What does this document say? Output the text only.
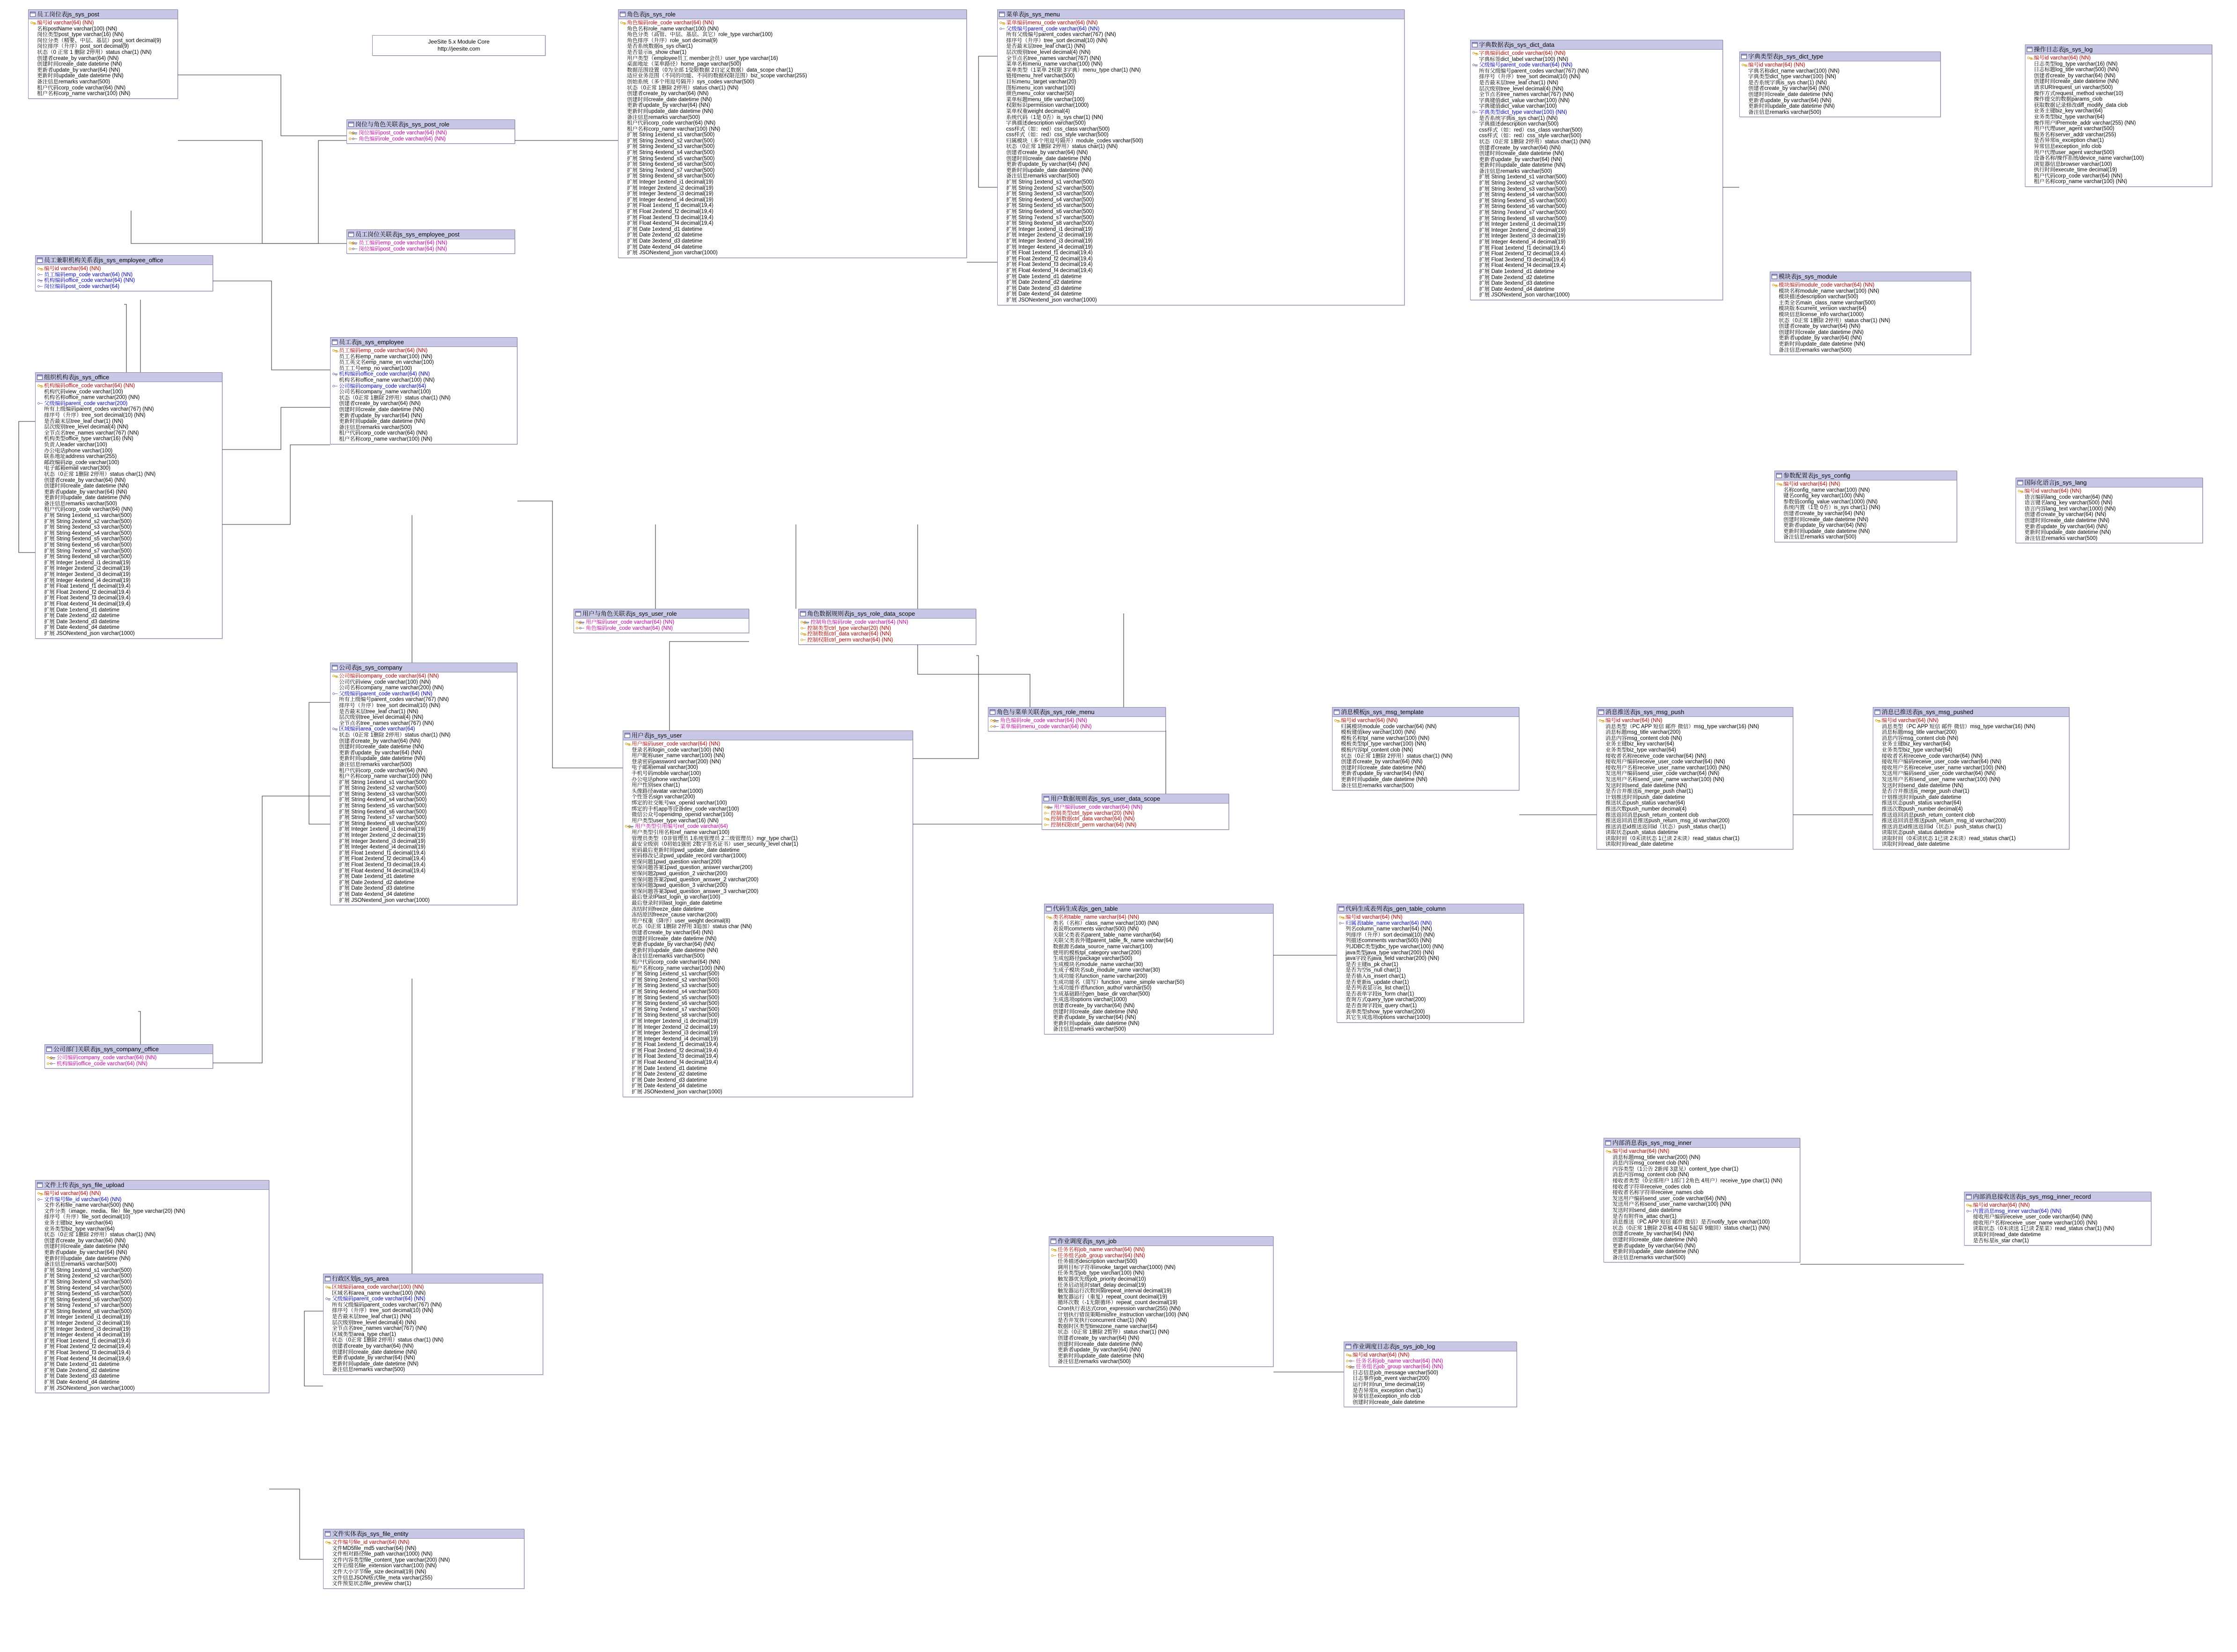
JeeSite 5.x Module Core
http://jeesite.com
员工岗位表js_sys_post
编号id varchar(64) (NN)
名称postName varchar(100) (NN)
岗位类型post_type varchar(16) (NN)
岗位分类（精要、中层、基层）post_sort decimal(9)
岗位排序（升序）post_sort decimal(9)
状态（0 正常 1 删除 2停用）status char(1) (NN)
创建者create_by varchar(64) (NN)
创建时间create_date datetime (NN)
更新者update_by varchar(64) (NN)
更新时间update_date datetime (NN)
备注信息remarks varchar(500)
租户代码corp_code varchar(64) (NN)
租户名称corp_name varchar(100) (NN)
岗位与角色关联表js_sys_post_role
岗位编码post_code varchar(64) (NN)
角色编码role_code varchar(64) (NN)
员工岗位关联表js_sys_employee_post
员工编码emp_code varchar(64) (NN)
岗位编码post_code varchar(64) (NN)
员工兼职机构关系表js_sys_employee_office
编号id varchar(64) (NN)
员工编码emp_code varchar(64) (NN)
机构编码office_code varchar(64) (NN)
岗位编码post_code varchar(64)
员工表js_sys_employee
员工编码emp_code varchar(64) (NN)
员工名称emp_name varchar(100) (NN)
员工英文名emp_name_en varchar(100)
员工工号emp_no varchar(100)
机构编码office_code varchar(64) (NN)
机构名称office_name varchar(100) (NN)
公司编码company_code varchar(64)
公司名称company_name varchar(100)
状态（0正常 1删除 2停用）status char(1) (NN)
创建者create_by varchar(64) (NN)
创建时间create_date datetime (NN)
更新者update_by varchar(64) (NN)
更新时间update_date datetime (NN)
备注信息remarks varchar(500)
租户代码corp_code varchar(64) (NN)
租户名称corp_name varchar(100) (NN)
组织机构表js_sys_office
机构编码office_code varchar(64) (NN)
机构代码view_code varchar(100)
机构名称office_name varchar(200) (NN)
父级编码parent_code varchar(200)
所有上级编码parent_codes varchar(767) (NN)
排序号（升序）tree_sort decimal(10) (NN)
是否最末层tree_leaf char(1) (NN)
层次级别tree_level decimal(4) (NN)
全节点名tree_names varchar(767) (NN)
机构类型office_type varchar(16) (NN)
负责人leader varchar(100)
办公电话phone varchar(100)
联系地址address varchar(255)
邮政编码zip_code varchar(100)
电子邮箱email varchar(300)
状态（0正常 1删除 2停用）status char(1) (NN)
创建者create_by varchar(64) (NN)
创建时间create_date datetime (NN)
更新者update_by varchar(64) (NN)
更新时间update_date datetime (NN)
备注信息remarks varchar(500)
租户代码corp_code varchar(64) (NN)
扩展 String 1extend_s1 varchar(500)
扩展 String 2extend_s2 varchar(500)
扩展 String 3extend_s3 varchar(500)
扩展 String 4extend_s4 varchar(500)
扩展 String 5extend_s5 varchar(500)
扩展 String 6extend_s6 varchar(500)
扩展 String 7extend_s7 varchar(500)
扩展 String 8extend_s8 varchar(500)
扩展 Integer 1extend_i1 decimal(19)
扩展 Integer 2extend_i2 decimal(19)
扩展 Integer 3extend_i3 decimal(19)
扩展 Integer 4extend_i4 decimal(19)
扩展 Float 1extend_f1 decimal(19,4)
扩展 Float 2extend_f2 decimal(19,4)
扩展 Float 3extend_f3 decimal(19,4)
扩展 Float 4extend_f4 decimal(19,4)
扩展 Date 1extend_d1 datetime
扩展 Date 2extend_d2 datetime
扩展 Date 3extend_d3 datetime
扩展 Date 4extend_d4 datetime
扩展 JSONextend_json varchar(1000)
公司表js_sys_company
公司编码company_code varchar(64) (NN)
公司代码view_code varchar(100) (NN)
公司名称company_name varchar(200) (NN)
父级编码parent_code varchar(64) (NN)
所有上级编号parent_codes varchar(767) (NN)
排序号（升序）tree_sort decimal(10) (NN)
是否最末层tree_leaf char(1) (NN)
层次级别tree_level decimal(4) (NN)
全节点名tree_names varchar(767) (NN)
区域编码area_code varchar(64)
状态（0正常 1删除 2停用）status char(1) (NN)
创建者create_by varchar(64) (NN)
创建时间create_date datetime (NN)
更新者update_by varchar(64) (NN)
更新时间update_date datetime (NN)
备注信息remarks varchar(500)
租户代码corp_code varchar(64) (NN)
租户名称corp_name varchar(100) (NN)
扩展 String 1extend_s1 varchar(500)
扩展 String 2extend_s2 varchar(500)
扩展 String 3extend_s3 varchar(500)
扩展 String 4extend_s4 varchar(500)
扩展 String 5extend_s5 varchar(500)
扩展 String 6extend_s6 varchar(500)
扩展 String 7extend_s7 varchar(500)
扩展 String 8extend_s8 varchar(500)
扩展 Integer 1extend_i1 decimal(19)
扩展 Integer 2extend_i2 decimal(19)
扩展 Integer 3extend_i3 decimal(19)
扩展 Integer 4extend_i4 decimal(19)
扩展 Float 1extend_f1 decimal(19,4)
扩展 Float 2extend_f2 decimal(19,4)
扩展 Float 3extend_f3 decimal(19,4)
扩展 Float 4extend_f4 decimal(19,4)
扩展 Date 1extend_d1 datetime
扩展 Date 2extend_d2 datetime
扩展 Date 3extend_d3 datetime
扩展 Date 4extend_d4 datetime
扩展 JSONextend_json varchar(1000)
公司部门关联表js_sys_company_office
公司编码company_code varchar(64) (NN)
机构编码office_code varchar(64) (NN)
文件上传表js_sys_file_upload
编号id varchar(64) (NN)
文件编号file_id varchar(64) (NN)
文件名称file_name varchar(500) (NN)
文件分类（image、media、file）file_type varchar(20) (NN)
排序号（升序）file_sort decimal(10)
业务主键biz_key varchar(64)
业务类型biz_type varchar(64)
状态（0正常 1删除 2停用）status char(1) (NN)
创建者create_by varchar(64) (NN)
创建时间create_date datetime (NN)
更新者update_by varchar(64) (NN)
更新时间update_date datetime (NN)
备注信息remarks varchar(500)
扩展 String 1extend_s1 varchar(500)
扩展 String 2extend_s2 varchar(500)
扩展 String 3extend_s3 varchar(500)
扩展 String 4extend_s4 varchar(500)
扩展 String 5extend_s5 varchar(500)
扩展 String 6extend_s6 varchar(500)
扩展 String 7extend_s7 varchar(500)
扩展 String 8extend_s8 varchar(500)
扩展 Integer 1extend_i1 decimal(19)
扩展 Integer 2extend_i2 decimal(19)
扩展 Integer 3extend_i3 decimal(19)
扩展 Integer 4extend_i4 decimal(19)
扩展 Float 1extend_f1 decimal(19,4)
扩展 Float 2extend_f2 decimal(19,4)
扩展 Float 3extend_f3 decimal(19,4)
扩展 Float 4extend_f4 decimal(19,4)
扩展 Date 1extend_d1 datetime
扩展 Date 2extend_d2 datetime
扩展 Date 3extend_d3 datetime
扩展 Date 4extend_d4 datetime
扩展 JSONextend_json varchar(1000)
文件实体表js_sys_file_entity
文件编号file_id varchar(64) (NN)
文件MD5file_md5 varchar(64) (NN)
文件相对路径file_path varchar(1000) (NN)
文件内容类型file_content_type varchar(200) (NN)
文件后缀名file_extension varchar(100) (NN)
文件大小字节file_size decimal(19) (NN)
文件信息JSON格式file_meta varchar(255)
文件预览状态file_preview char(1)
行政区划js_sys_area
区域编码area_code varchar(100) (NN)
区域名称area_name varchar(100) (NN)
父级编码parent_code varchar(64) (NN)
所有父级编码parent_codes varchar(767) (NN)
排序号（升序）tree_sort decimal(10) (NN)
是否最末层tree_leaf char(1) (NN)
层次级别tree_level decimal(4) (NN)
全节点名tree_names varchar(767) (NN)
区域类型area_type char(1)
状态（0正常 1删除 2停用）status char(1) (NN)
创建者create_by varchar(64) (NN)
创建时间create_date datetime (NN)
更新者update_by varchar(64) (NN)
更新时间update_date datetime (NN)
备注信息remarks varchar(500)
角色表js_sys_role
角色编码role_code varchar(64) (NN)
角色名称role_name varchar(100) (NN)
角色分类（高管、中层、基层、其它）role_type varchar(100)
角色排序（升序）role_sort decimal(9)
是否系统数据is_sys char(1)
是否显示is_show char(1)
用户类型（employee员工 member会员）user_type varchar(16)
桌面地址（菜单路径）home_page varchar(500)
数据范围设置（0为全部 1受限数据 2自定义数据）data_scope char(1)
适应业务范围（不同的功能、不同的数据权限范围）biz_scope varchar(255)
创始系统（多个用逗号隔开）sys_codes varchar(500)
状态（0正常 1删除 2停用）status char(1) (NN)
创建者create_by varchar(64) (NN)
创建时间create_date datetime (NN)
更新者update_by varchar(64) (NN)
更新时间update_date datetime (NN)
备注信息remarks varchar(500)
租户代码corp_code varchar(64) (NN)
租户名称corp_name varchar(100) (NN)
扩展 String 1extend_s1 varchar(500)
扩展 String 2extend_s2 varchar(500)
扩展 String 3extend_s3 varchar(500)
扩展 String 4extend_s4 varchar(500)
扩展 String 5extend_s5 varchar(500)
扩展 String 6extend_s6 varchar(500)
扩展 String 7extend_s7 varchar(500)
扩展 String 8extend_s8 varchar(500)
扩展 Integer 1extend_i1 decimal(19)
扩展 Integer 2extend_i2 decimal(19)
扩展 Integer 3extend_i3 decimal(19)
扩展 Integer 4extend_i4 decimal(19)
扩展 Float 1extend_f1 decimal(19,4)
扩展 Float 2extend_f2 decimal(19,4)
扩展 Float 3extend_f3 decimal(19,4)
扩展 Float 4extend_f4 decimal(19,4)
扩展 Date 1extend_d1 datetime
扩展 Date 2extend_d2 datetime
扩展 Date 3extend_d3 datetime
扩展 Date 4extend_d4 datetime
扩展 JSONextend_json varchar(1000)
用户与角色关联表js_sys_user_role
用户编码user_code varchar(64) (NN)
角色编码role_code varchar(64) (NN)
角色数据规则表js_sys_role_data_scope
控制角色编码role_code varchar(64) (NN)
控制类型ctrl_type varchar(20) (NN)
控制数据ctrl_data varchar(64) (NN)
控制权限ctrl_perm varchar(64) (NN)
角色与菜单关联表js_sys_role_menu
角色编码role_code varchar(64) (NN)
菜单编码menu_code varchar(64) (NN)
用户数据规则表js_sys_user_data_scope
用户编码user_code varchar(64) (NN)
控制类型ctrl_type varchar(20) (NN)
控制数据ctrl_data varchar(64) (NN)
控制权限ctrl_perm varchar(64) (NN)
用户表js_sys_user
用户编码user_code varchar(64) (NN)
登录名称login_code varchar(100) (NN)
用户昵称user_name varchar(100) (NN)
登录密码password varchar(200) (NN)
电子邮箱email varchar(300)
手机号码mobile varchar(100)
办公电话phone varchar(100)
用户性别sex char(1)
头像路径avatar varchar(1000)
个性签名sign varchar(200)
绑定的社交帐号wx_openid varchar(100)
绑定的手机app等设备dev_code varchar(100)
微信公众号openidmp_openid varchar(100)
用户类型user_type varchar(16) (NN)
用户类型引用编号ref_code varchar(64)
用户类型引用名称ref_name varchar(100)
管理员类型（0非管理员 1系统管理员 2二级管理员）mgr_type char(1)
最安全级别（0初始1强密 2数字签名证书）user_security_level char(1)
密码最后更新时间pwd_update_date datetime
密码修改记录pwd_update_record varchar(1000)
密保问题1pwd_question varchar(200)
密保问题答案1pwd_question_answer varchar(200)
密保问题2pwd_question_2 varchar(200)
密保问题答案2pwd_question_answer_2 varchar(200)
密保问题3pwd_question_3 varchar(200)
密保问题答案3pwd_question_answer_3 varchar(200)
最后登录IPlast_login_ip varchar(100)
最后登录时间last_login_date datetime
冻结时间freeze_date datetime
冻结原因freeze_cause varchar(200)
用户权重（降序）user_weight decimal(8)
状态（0正常 1删除 2停用 3追加）status char (NN)
创建者create_by varchar(64) (NN)
创建时间create_date datetime (NN)
更新者update_by varchar(64) (NN)
更新时间update_date datetime (NN)
备注信息remarks varchar(500)
租户代码corp_code varchar(64) (NN)
租户名称corp_name varchar(100) (NN)
扩展 String 1extend_s1 varchar(500)
扩展 String 2extend_s2 varchar(500)
扩展 String 3extend_s3 varchar(500)
扩展 String 4extend_s4 varchar(500)
扩展 String 5extend_s5 varchar(500)
扩展 String 6extend_s6 varchar(500)
扩展 String 7extend_s7 varchar(500)
扩展 String 8extend_s8 varchar(500)
扩展 Integer 1extend_i1 decimal(19)
扩展 Integer 2extend_i2 decimal(19)
扩展 Integer 3extend_i3 decimal(19)
扩展 Integer 4extend_i4 decimal(19)
扩展 Float 1extend_f1 decimal(19,4)
扩展 Float 2extend_f2 decimal(19,4)
扩展 Float 3extend_f3 decimal(19,4)
扩展 Float 4extend_f4 decimal(19,4)
扩展 Date 1extend_d1 datetime
扩展 Date 2extend_d2 datetime
扩展 Date 3extend_d3 datetime
扩展 Date 4extend_d4 datetime
扩展 JSONextend_json varchar(1000)
菜单表js_sys_menu
菜单编码menu_code varchar(64) (NN)
父级编号parent_code varchar(64) (NN)
所有父级编号parent_codes varchar(767) (NN)
排序号（升序）tree_sort decimal(10) (NN)
是否最末层tree_leaf char(1) (NN)
层次级别tree_level decimal(4) (NN)
全节点名tree_names varchar(767) (NN)
菜单名称menu_name varchar(100) (NN)
菜单类型（1菜单 2权限 3字典）menu_type char(1) (NN)
链接menu_href varchar(500)
目标menu_target varchar(20)
图标menu_icon varchar(100)
颜色menu_color varchar(50)
菜单标题menu_title varchar(100)
权限标识permission varchar(1000)
菜单权重weight decimal(4)
系统代码（1是 0否）is_sys char(1) (NN)
字典描述description varchar(500)
css样式（如：red）css_class varchar(500)
css样式（如：red）css_style varchar(500)
归属模块（多个用逗号隔开）module_codes varchar(500)
状态（0正常 1删除 2停用）status char(1) (NN)
创建者create_by varchar(64) (NN)
创建时间create_date datetime (NN)
更新者update_by varchar(64) (NN)
更新时间update_date datetime (NN)
备注信息remarks varchar(500)
扩展 String 1extend_s1 varchar(500)
扩展 String 2extend_s2 varchar(500)
扩展 String 3extend_s3 varchar(500)
扩展 String 4extend_s4 varchar(500)
扩展 String 5extend_s5 varchar(500)
扩展 String 6extend_s6 varchar(500)
扩展 String 7extend_s7 varchar(500)
扩展 String 8extend_s8 varchar(500)
扩展 Integer 1extend_i1 decimal(19)
扩展 Integer 2extend_i2 decimal(19)
扩展 Integer 3extend_i3 decimal(19)
扩展 Integer 4extend_i4 decimal(19)
扩展 Float 1extend_f1 decimal(19,4)
扩展 Float 2extend_f2 decimal(19,4)
扩展 Float 3extend_f3 decimal(19,4)
扩展 Float 4extend_f4 decimal(19,4)
扩展 Date 1extend_d1 datetime
扩展 Date 2extend_d2 datetime
扩展 Date 3extend_d3 datetime
扩展 Date 4extend_d4 datetime
扩展 JSONextend_json varchar(1000)
字典数据表js_sys_dict_data
字典编码dict_code varchar(64) (NN)
字典标签dict_label varchar(100) (NN)
父级编号parent_code varchar(64) (NN)
所有父级编号parent_codes varchar(767) (NN)
排序号（升序）tree_sort decimal(10) (NN)
是否最末层tree_leaf char(1) (NN)
层次级别tree_level decimal(4) (NN)
全节点名tree_names varchar(767) (NN)
字典键值dict_value varchar(100) (NN)
字典键值dict_value varchar(100)
字典类型dict_type varchar(100) (NN)
是否系统字典is_sys char(1) (NN)
字典描述description varchar(500)
css样式（如：red）css_class varchar(500)
css样式（如：red）css_style varchar(500)
状态（0正常 1删除 2停用）status char(1) (NN)
创建者create_by varchar(64) (NN)
创建时间create_date datetime (NN)
更新者update_by varchar(64) (NN)
更新时间update_date datetime (NN)
备注信息remarks varchar(500)
扩展 String 1extend_s1 varchar(500)
扩展 String 2extend_s2 varchar(500)
扩展 String 3extend_s3 varchar(500)
扩展 String 4extend_s4 varchar(500)
扩展 String 5extend_s5 varchar(500)
扩展 String 6extend_s6 varchar(500)
扩展 String 7extend_s7 varchar(500)
扩展 String 8extend_s8 varchar(500)
扩展 Integer 1extend_i1 decimal(19)
扩展 Integer 2extend_i2 decimal(19)
扩展 Integer 3extend_i3 decimal(19)
扩展 Integer 4extend_i4 decimal(19)
扩展 Float 1extend_f1 decimal(19,4)
扩展 Float 2extend_f2 decimal(19,4)
扩展 Float 3extend_f3 decimal(19,4)
扩展 Float 4extend_f4 decimal(19,4)
扩展 Date 1extend_d1 datetime
扩展 Date 2extend_d2 datetime
扩展 Date 3extend_d3 datetime
扩展 Date 4extend_d4 datetime
扩展 JSONextend_json varchar(1000)
字典类型表js_sys_dict_type
编号id varchar(64) (NN)
字典名称dict_name varchar(100) (NN)
字典类型dict_type varchar(100) (NN)
是否系统字典is_sys char(1) (NN)
创建者create_by varchar(64) (NN)
创建时间create_date datetime (NN)
更新者update_by varchar(64) (NN)
更新时间update_date datetime (NN)
备注信息remarks varchar(500)
模块表js_sys_module
模块编码module_code varchar(64) (NN)
模块名称module_name varchar(100) (NN)
模块描述description varchar(500)
主类全名main_class_name varchar(500)
模块版本current_version varchar(64)
模块信息license_info varchar(1000)
状态（0正常 1删除 2停用）status char(1) (NN)
创建者create_by varchar(64) (NN)
创建时间create_date datetime (NN)
更新者update_by varchar(64) (NN)
更新时间update_date datetime (NN)
备注信息remarks varchar(500)
操作日志表js_sys_log
编号id varchar(64) (NN)
日志类型log_type varchar(16) (NN)
日志标题log_title varchar(500) (NN)
创建者create_by varchar(64) (NN)
创建时间create_date datetime (NN)
请求URIrequest_uri varchar(500)
操作方式request_method varchar(10)
操作提交的数据params_ciob
获取数据记录修改diff_modify_data clob
业务主键biz_key varchar(64)
业务类型biz_type varchar(64)
操作用户IPremote_addr varchar(255) (NN)
用户代理user_agent varchar(500)
服务名称server_addr varchar(255)
是否异常is_exception char(1)
异常信息exception_info clob
用户代理user_agent varchar(500)
设备名称/操作系统/device_name varchar(100)
浏览器信息browser varchar(100)
执行时间execute_time decimal(19)
租户代码corp_code varchar(64) (NN)
租户名称corp_name varchar(100) (NN)
参数配置表js_sys_config
编号id varchar(64) (NN)
名称config_name varchar(100) (NN)
键名config_key varchar(100) (NN)
参数值config_value varchar(1000) (NN)
系统内置（1是 0否）is_sys char(1) (NN)
创建者create_by varchar(64) (NN)
创建时间create_date datetime (NN)
更新者update_by varchar(64) (NN)
更新时间update_date datetime (NN)
备注信息remarks varchar(500)
国际化语言js_sys_lang
编号id varchar(64) (NN)
语言编码lang_code varchar(64) (NN)
语言键名lang_key varchar(500) (NN)
语言内容lang_text varchar(1000) (NN)
创建者create_by varchar(64) (NN)
创建时间create_date datetime (NN)
更新者update_by varchar(64) (NN)
更新时间update_date datetime (NN)
备注信息remarks varchar(500)
消息模板js_sys_msg_template
编号id varchar(64) (NN)
归属模块module_code varchar(64) (NN)
模板键值key varchar(100) (NN)
模板名称tpl_name varchar(100) (NN)
模板类型tpl_type varchar(100) (NN)
模板内容tpl_content clob (NN)
状态（0正常 1删除 2停用）status char(1) (NN)
创建者create_by varchar(64) (NN)
创建时间create_date datetime (NN)
更新者update_by varchar(64) (NN)
更新时间update_date datetime (NN)
备注信息remarks varchar(500)
消息推送表js_sys_msg_push
编号id varchar(64) (NN)
消息类型（PC APP 短信 邮件 微信）msg_type varchar(16) (NN)
消息标题msg_title varchar(200)
消息内容msg_content clob (NN)
业务主键biz_key varchar(64)
业务类型biz_type varchar(64)
接收者名称receive_code varchar(64) (NN)
接收用户编码receive_user_code varchar(64) (NN)
接收用户名称receive_user_name varchar(100) (NN)
发送用户编码send_user_code varchar(64) (NN)
发送用户名称send_user_name varchar(100) (NN)
发送时间send_date datetime (NN)
是否合并推送is_merge_push char(1)
计划推送时间push_date datetime
推送状态push_status varchar(64)
推送次数push_number decimal(4)
推送返回消息push_return_content clob
推送返回消息推送push_return_msg_id varchar(200)
推送消息id推送返回id（状态）push_status char(1)
读取状态push_status datetime
读取时间（0未读状态 1已读 2未读）read_status char(1)
读取时间read_date datetime
消息已推送表js_sys_msg_pushed
编号id varchar(64) (NN)
消息类型（PC APP 短信 邮件 微信）msg_type varchar(16) (NN)
消息标题msg_title varchar(200)
消息内容msg_content clob (NN)
业务主键biz_key varchar(64)
业务类型biz_type varchar(64)
接收者名称receive_code varchar(64) (NN)
接收用户编码receive_user_code varchar(64) (NN)
接收用户名称receive_user_name varchar(100) (NN)
发送用户编码send_user_code varchar(64) (NN)
发送用户名称send_user_name varchar(100) (NN)
发送时间send_date datetime (NN)
是否合并推送is_merge_push char(1)
计划推送时间push_date datetime
推送状态push_status varchar(64)
推送次数push_number decimal(4)
推送返回消息push_return_content clob
推送返回消息推送push_return_msg_id varchar(200)
推送消息id推送返回id（状态）push_status char(1)
读取状态push_status datetime
读取时间（0未读状态 1已读 2未读）read_status char(1)
读取时间read_date datetime
内部消息表js_sys_msg_inner
编号id varchar(64) (NN)
消息标题msg_title varchar(200) (NN)
消息内容msg_content clob (NN)
内容类型（1公告 2新闻 3意见）content_type char(1)
消息内容msg_content clob (NN)
接收者类型（0全部用户 1部门 2角色 4用户）receive_type char(1) (NN)
接收者字符串receive_codes clob
接收者名称字符串receive_names clob
发送用户编码send_user_code varchar(64) (NN)
发送用户名称send_user_name varchar(100) (NN)
发送时间send_date datetime
是否有附件is_attac char(1)
消息推送（PC APP 短信 邮件 微信）是否notify_type varchar(100)
状态（0正常 1删除 2草稿 4草稿 5起草 9撤回）status char(1) (NN)
创建者create_by varchar(64) (NN)
创建时间create_date datetime (NN)
更新者update_by varchar(64) (NN)
更新时间update_date datetime (NN)
备注信息remarks varchar(500)
内部消息接收送表js_sys_msg_inner_record
编号id varchar(64) (NN)
内置消息msg_inner varchar(64) (NN)
接收用户编码receive_user_code varchar(64) (NN)
接收用户名称receive_user_name varchar(100) (NN)
读取状态（0未读送 1已读 2星菜）read_status char(1) (NN)
读取时间read_date datetime
是否标星is_star char(1)
代码生成表js_gen_table
类名称table_name varchar(64) (NN)
类名（名称）class_name varchar(100) (NN)
表说明comments varchar(500) (NN)
关联父类表名parent_table_name varchar(64)
关联父类表外键parent_table_fk_name varchar(64)
数据源名data_source_name varchar(100)
使用的模板tpl_category varchar(200)
生成包路径package varchar(500)
生成模块名module_name varchar(30)
生成子模块名sub_module_name varchar(30)
生成功能名function_name varchar(200)
生成功能名（简写）function_name_simple varchar(50)
生成功能作者function_author varchar(50)
生成基础路径gen_base_dir varchar(500)
生成选项options varchar(1000)
创建者create_by varchar(64) (NN)
创建时间create_date datetime (NN)
更新者update_by varchar(64) (NN)
更新时间update_date datetime (NN)
备注信息remarks varchar(500)
代码生成表列表js_gen_table_column
编号id varchar(64) (NN)
归属表table_name varchar(64) (NN)
列名column_name varchar(64) (NN)
列排序（升序）sort decimal(10) (NN)
列描述comments varchar(500) (NN)
列JDBC类型jdbc_type varchar(100) (NN)
java类型java_type varchar(200) (NN)
java字段名java_field varchar(200) (NN)
是否主键is_pk char(1)
是否为空is_null char(1)
是否插入is_insert char(1)
是否更新is_update char(1)
是否列表显示is_list char(1)
是否表单字段is_form char(1)
查询方式query_type varchar(200)
是否查询字段is_query char(1)
表单类型show_type varchar(200)
其它生成选项options varchar(1000)
作业调度表js_sys_job
任务名称job_name varchar(64) (NN)
任务组名job_group varchar(64) (NN)
任务描述description varchar(500)
调用目标字符串invoke_target varchar(1000) (NN)
任务类型job_type varchar(100) (NN)
触发器优先级job_priority decimal(10)
任务启动延时start_delay decimal(19)
触发器运行次数间隔repeat_interval decimal(19)
触发器运行（重复）repeat_count decimal(19)
循环次数（-1无限循环）repeat_count decimal(19)
Cron执行表达式cron_expression varchar(255) (NN)
计划执行错误策略misfire_instruction varchar(100) (NN)
是否并发执行concurrent char(1) (NN)
数据时区类型timezone_name varchar(64)
状态（0正常 1删除 2暂停）status char(1) (NN)
创建者create_by varchar(64) (NN)
创建时间create_date datetime (NN)
更新者update_by varchar(64) (NN)
更新时间update_date datetime (NN)
备注信息remarks varchar(500)
作业调度日志表js_sys_job_log
编号id varchar(64) (NN)
任务名称job_name varchar(64) (NN)
任务组名job_group varchar(64) (NN)
日志信息job_message varchar(500)
日志事件job_event varchar(200)
运行时间run_time decimal(19)
是否异常is_exception char(1)
异常信息exception_info clob
创建时间create_date datetime
